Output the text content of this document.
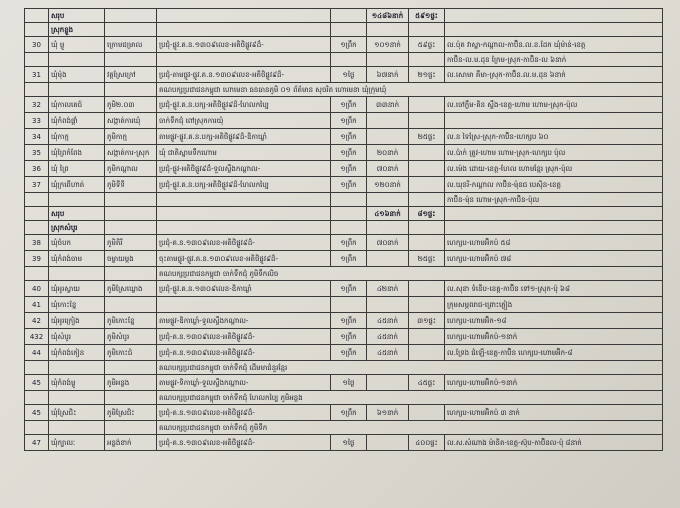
	សរុប				១៤៨៦នាក់	៥៩១ផ្ទះ	
	ស្រុកខ្លួង						
30	ឃុំ ម្លូ	ក្រោមជម្រាល	ប្រជុំ-ផ្លូវ.គ.ន.១៣០៩លេខ-អតិថិផ្លូវ៩ដ៏-	១ព្រឹក	១០១នាក់	៥៩ផ្ទះ	ល.ប៉ុត វាស្នា-កណ្តាល-កាប៊ិន.ល.ខ.ដែក ឃុំម៉ាន់-ខេត្ត
							កាប៊ិន-ល.ម.ដុន ក្រែម-ស្រុក-កាប៊ិន-ល ៦នាក់
31	ឃុំម៉ុង	វត្តស្រែក្រៅ	ប្រជុំ-តាមផ្លូវ-ផ្លូវ.គ.ន.១៣០៩លេខ-អតិថិផ្លូវ៩ដ៏-	១ថ្ងៃ	៦៧នាក់	២១ផ្ទះ	ល.សោមា គឹមា-ស្រុក-កាប៊ិន.ល.ម.ដុន ៦នាក់
			គណបក្សប្រជាជនកម្ពុជា ហោមេនា ធនធានភូមិ ០១ ព័ត៌មាន សុចរិត ហោមេនា ឃុំក្រុមឃុំ				
32	ឃុំកាលតេជ៍	ភូមិ២.០៣	ប្រជុំ-ផ្លូវ.គ.ន.បក្ស-អតិថិផ្លូវ៩ដ៏-ហែលកប្បៃ	១ព្រឹក	៣៣នាក់		ល.ចៅក្លឹម-តិន ស្ទឹង-ខេត្ត-ហោម ហោម-ស្រុក-ប៉ុល
33	ឃុំកំពង់ផ្គាំ	សង្កាត់ការឃុំ	ចាក់ទឹកជុំ ពៅស្រុកការយុំ	១ព្រឹក			
34	ឃុំកាក្ម	ភូមិកាក្ម	តាមផ្លូវ-ផ្លូវ.គ.ន.បក្ស-អតិថិផ្លូវ៩ដ៏-ឌិកាឃ្លាំ	១ព្រឹក		២៥ផ្ទះ	ល.ន ទៃស្រែ-ស្រុក-កាប៊ិន-ហេក្សប ៦០
35	ឃុំព្រៃកំពែង	សង្កាត់ការ-ស្រុក	ឃុំ ជាតិស្នាមទឹកហោម	១ព្រឹក	២០នាក់		ល.ប៉ាក់ ត្រូវ-ហោម ហោម-ស្រុក-ហេក្សប ប៉ុល
36	ឃុំ ព្រៃ	ភូមិកណ្តាល	ប្រជុំ-ផ្លូវ-អតិថិផ្លូវ៩ដ៏-ទួលស្ទឹងកណ្តាល-	១ព្រឹក	៧០នាក់		ល.ម៉េង ដោយ-ខេត្ត-ហែល ហោមខ្មែរ ស្រុក-ប៉ុល
37	ឃុំក្រពើហាត់	ភូមិទីទី	ប្រជុំ-ផ្លូវ.គ.ន.បក្ស-អតិថិផ្លូវ៩ដ៏-ហែលកប្បៃ	១ព្រឹក	១២០នាក់		ល.ឃុនរី-កណ្តាល កាប៊ិន-ម៉ុនជ បេស៊ិន-ខេត្ត
							កាប៊ិន-ម៉ុន ហោម-ស្រុក-កាប៊ិន-ប៉ុល
	សរុប				៤១៦នាក់	៨១ផ្ទះ	
	ស្រុកសំបូរ						
38	ឃុំចំបក	ភូមិតិរី	ប្រជុំ-គ.ន.១៣០៩លេខ-អតិថិផ្លូវ៩ដ៏-	១ព្រឹក	៧០នាក់		ហេក្សប-ហោមអ៊ិកប៉ ៥៨
39	ឃុំកំពង់ចាម	ចម្ងាយម្តង	ចុះតាមផ្លូវ-ផ្លូវ.គ.ន.១៣០៩លេខ-អតិថិផ្លូវ៩ដ៏-	១ព្រឹក		២៥ផ្ទះ	ហេក្សប-ហោមអ៊ិកប៉ ៧៨
			គណបក្សប្រជាជនកម្ពុជា ចាក់ទឹកជុំ ភូមិទឹកលិច				
40	ឃុំអូរស្វាយ	ភូមិស្រែឃ្លោង	ប្រជុំ-ផ្លូវ.គ.ន.១៣០៩លេខ-ឌិកាឃ្លាំ	១ព្រឹក	៤២នាក់		ល.សុខា ទំនើប-ខេត្ត-កាប៊ិន ទៅ១-ស្រុក-ប៉ុ ៦៨
41	ឃុំកោះខ្នែ						ក្រុមសម្ភពរាជ-ព្រោះភ្លៀង
42	ឃុំអូរក្រៀង	ភូមិកោះខ្នែ	តាមផ្លូវ-ឌិកាឃ្លាំ-ទួលស្ទឹងកណ្តាល-	១ព្រឹក	៤៥នាក់	៣១ផ្ទះ	ហេក្សប-ហោមអ៊ិក-១៨
432	ឃុំសំបូរ	ភូមិសំបូរ	ប្រជុំ-គ.ន.១៣០៩លេខ-អតិថិផ្លូវ៩ដ៏-	១ព្រឹក	៤៥នាក់		ហេក្សប-ហោមអ៊ិកប៉-១នាក់
44	ឃុំកំពង់កៀន	ភូមិកោះជំ	ប្រជុំ-គ.ន.១៣០៩លេខ-អតិថិផ្លូវ៩ដ៏-	១ព្រឹក	៤៥នាក់		ល.ទ្រែង ជំឡើ-ខេត្ត-កាប៊ិន ហេក្សប-ហោមអ៊ិក-៨
			គណបក្សប្រជាជនកម្ពុជា ចាក់ទឹកជុំ ដើមមាជំនួរខ្មែរ				
45	ឃុំកំពង់ម្លូ	ភូមិអន្លង	តាមផ្លូវ-ទិកាឃ្លាំ-ទួលស្ទឹងកណ្តាល-	១ថ្ងៃ		៤៥ផ្ទះ	ហេក្សប-ហោមអ៊ិកប៉-១នាក់
			គណបក្សប្រជាជនកម្ពុជា ចាក់ទឹកជុំ ហែលកប្បៃ ភូមិអន្លង				
45	ឃុំស្រែជិះ	ភូមិស្រែជិះ	ប្រជុំ-គ.ន.១៣០៩លេខ-អតិថិផ្លូវ៩ដ៏-	១ព្រឹក	៦១នាក់		ហេក្សប-ហោមអ៊ិកប៉ ៣ នាក់
			គណបក្សប្រជាជនកម្ពុជា ចាក់ទឹកជុំ ភូមិទឹក				
47	ឃុំក្បាលៈ	អន្លង់ខាក់	ប្រជុំ-គ.ន.១៣០៩លេខ-អតិថិផ្លូវ៩ដ៏-	១ថ្ងៃ		៤០០ផ្ទះ	ល.ស.សំណាង ម៉ានិត-ខេត្ត-ស៊ុប-កាប៊ិនល-ប៉ុ ៨នាក់
